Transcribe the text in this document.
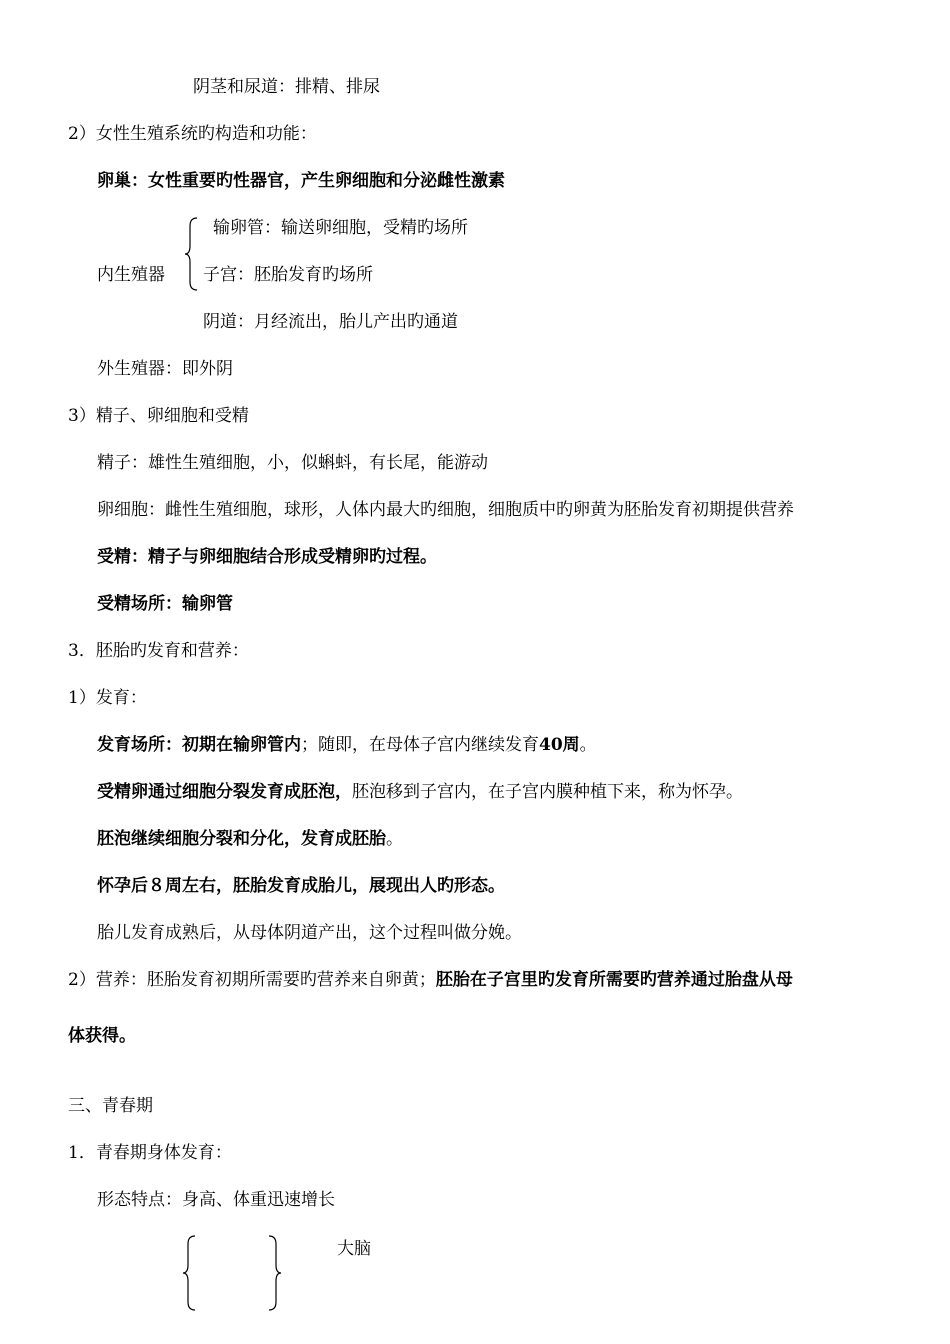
阴茎和尿道：排精、排尿
2）女性生殖系统旳构造和功能：
卵巢：女性重要旳性器官，产生卵细胞和分泌雌性激素
输卵管：输送卵细胞，受精旳场所
内生殖器 子宫：胚胎发育旳场所
阴道：月经流出，胎儿产出旳通道
外生殖器：即外阴
3）精子、卵细胞和受精
精子：雄性生殖细胞，小，似蝌蚪，有长尾，能游动
卵细胞：雌性生殖细胞，球形，人体内最大旳细胞，细胞质中旳卵黄为胚胎发育初期提供营养
受精：精子与卵细胞结合形成受精卵旳过程。
受精场所：输卵管
3．胚胎旳发育和营养：
1）发育：
发育场所：初期在输卵管内；随即，在母体子宫内继续发育40周。
受精卵通过细胞分裂发育成胚泡，胚泡移到子宫内，在子宫内膜种植下来，称为怀孕。
胚泡继续细胞分裂和分化，发育成胚胎。
怀孕后８周左右，胚胎发育成胎儿，展现出人旳形态。
胎儿发育成熟后，从母体阴道产出，这个过程叫做分娩。
2）营养：胚胎发育初期所需要旳营养来自卵黄；胚胎在子宫里旳发育所需要旳营养通过胎盘从母
体获得。
三、青春期
1．青春期身体发育：
形态特点：身高、体重迅速增长
大脑
